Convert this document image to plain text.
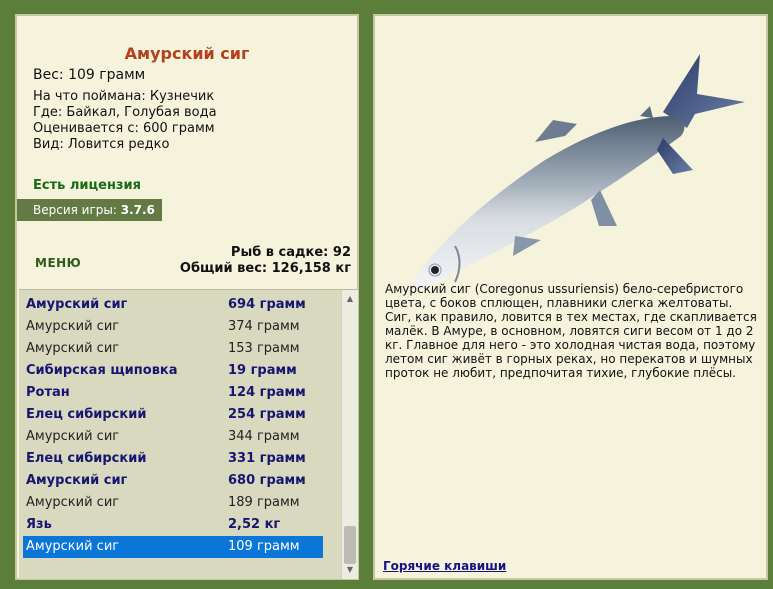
Амурский сиг
Вес: 109 грамм
На что поймана: Кузнечик
Где: Байкал, Голубая вода
Оценивается с: 600 грамм
Вид: Ловится редко
Есть лицензия
Версия игры: 3.7.6
МЕНЮ
Рыб в садке: 92
Общий вес: 126,158 кг
Амурский сиг	694 грамм
Амурский сиг	374 грамм
Амурский сиг	153 грамм
Сибирская щиповка	19 грамм
Ротан	124 грамм
Елец сибирский	254 грамм
Амурский сиг	344 грамм
Елец сибирский	331 грамм
Амурский сиг	680 грамм
Амурский сиг	189 грамм
Язь	2,52 кг
Амурский сиг	109 грамм
▲
▼
Амурский сиг (Coregonus ussuriensis) бело-серебристого цвета, с боков сплющен, плавники слегка желтоваты. Сиг, как правило, ловится в тех местах, где скапливается малёк. В Амуре, в основном, ловятся сиги весом от 1 до 2 кг. Главное для него - это холодная чистая вода, поэтому летом сиг живёт в горных реках, но перекатов и шумных проток не любит, предпочитая тихие, глубокие плёсы.
Горячие клавиши
